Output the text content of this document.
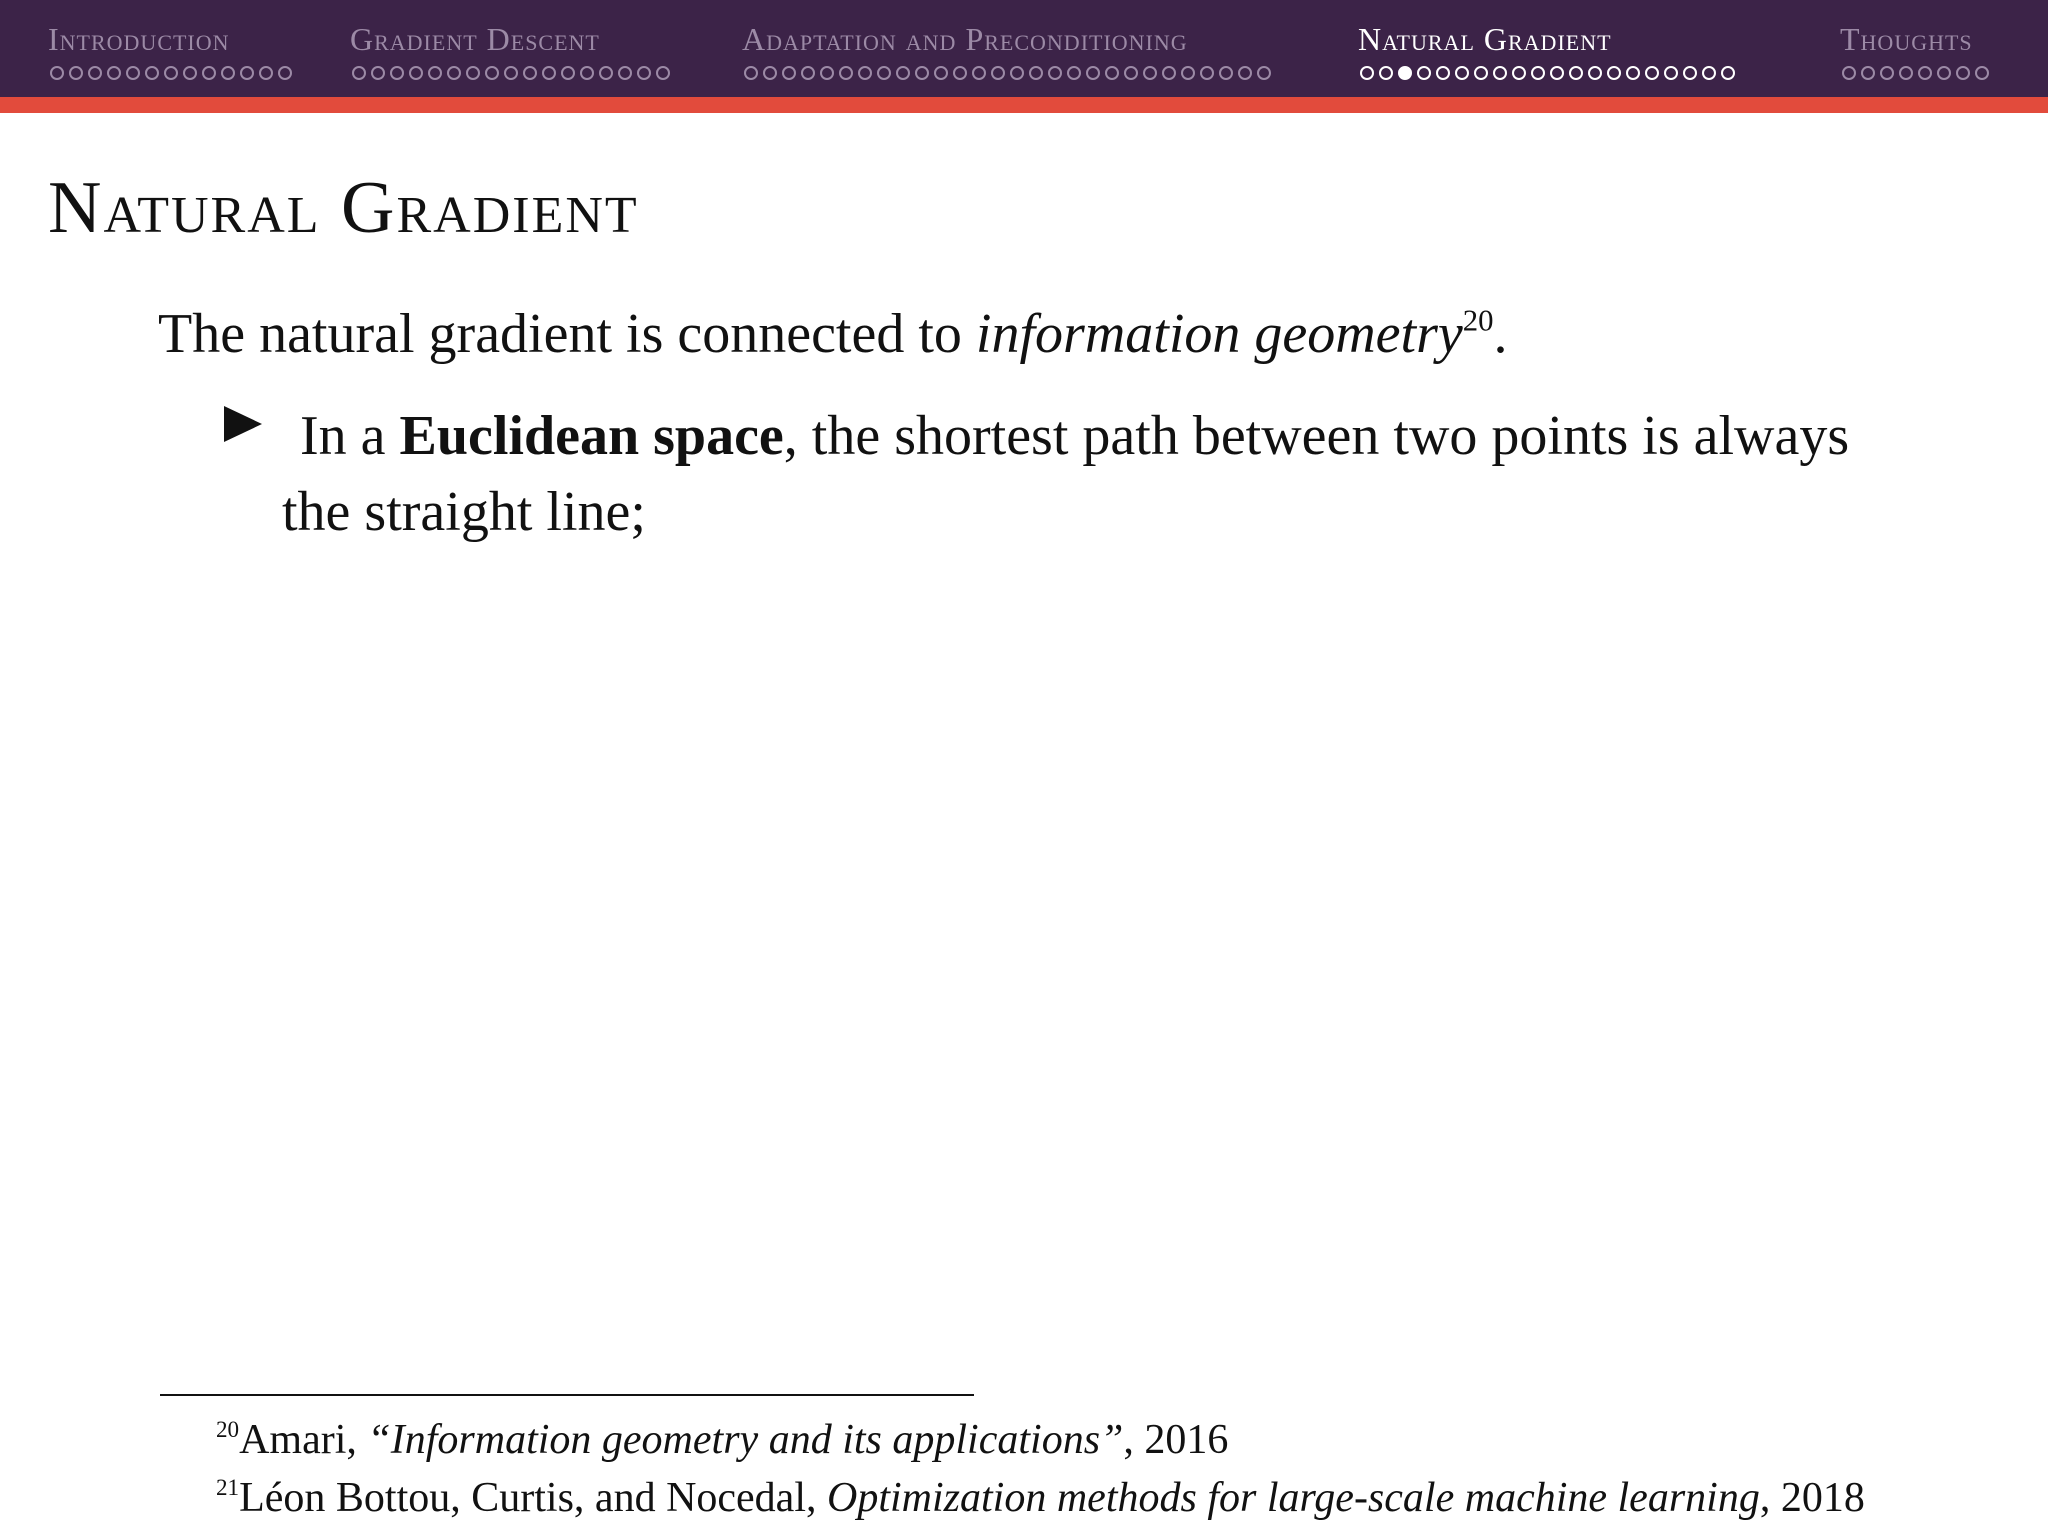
Introduction	Gradient Descent	Adaptation and Preconditioning	Natural Gradient	Thoughts
Natural Gradient
The natural gradient is connected to information geometry$^{20}$.

In a Euclidean space, the shortest path between two points is always
the straight line;

$^{20}$Amari, “Information geometry and its applications”, 2016
$^{21}$Léon Bottou, Curtis, and Nocedal, Optimization methods for large-scale machine learning, 2018
